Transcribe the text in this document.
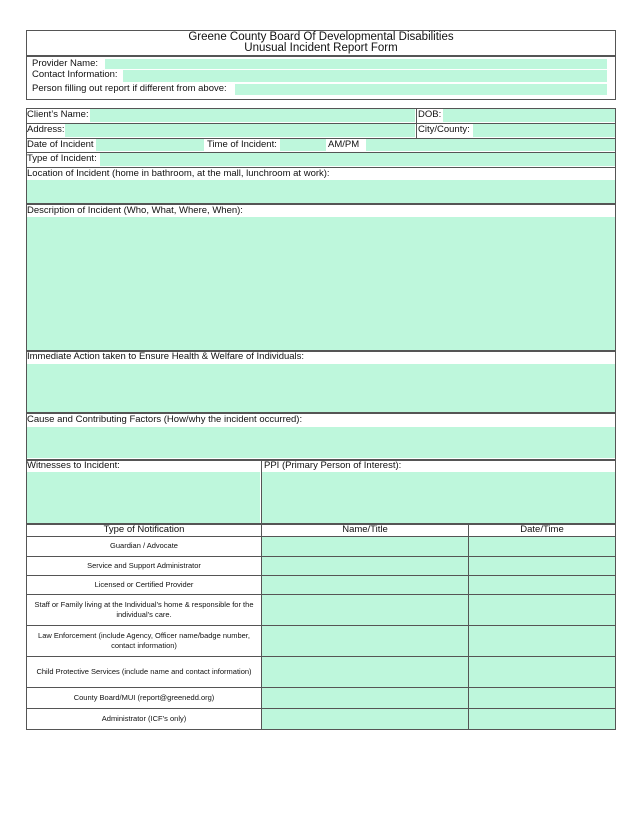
Greene County Board Of Developmental Disabilities
Unusual Incident Report Form
Provider Name:
Contact Information:
Person filling out report if different from above:
Client’s Name:	DOB:
Address:	City/County:
Date of Incident	Time of Incident:	AM/PM
Type of Incident:
Location of Incident (home in bathroom, at the mall, lunchroom at work):
Description of Incident (Who, What, Where, When):
Immediate Action taken to Ensure Health & Welfare of Individuals:
Cause and Contributing Factors (How/why the incident occurred):
Witnesses to Incident:	PPI (Primary Person of Interest):
Type of Notification	Name/Title	Date/Time
Guardian / Advocate
Service and Support Administrator
Licensed or Certified Provider
Staff or Family living at the Individual’s home & responsible for the individual’s care.
Law Enforcement (include Agency, Officer name/badge number, contact information)
Child Protective Services (include name and contact information)
County Board/MUI (report@greenedd.org)
Administrator (ICF’s only)
